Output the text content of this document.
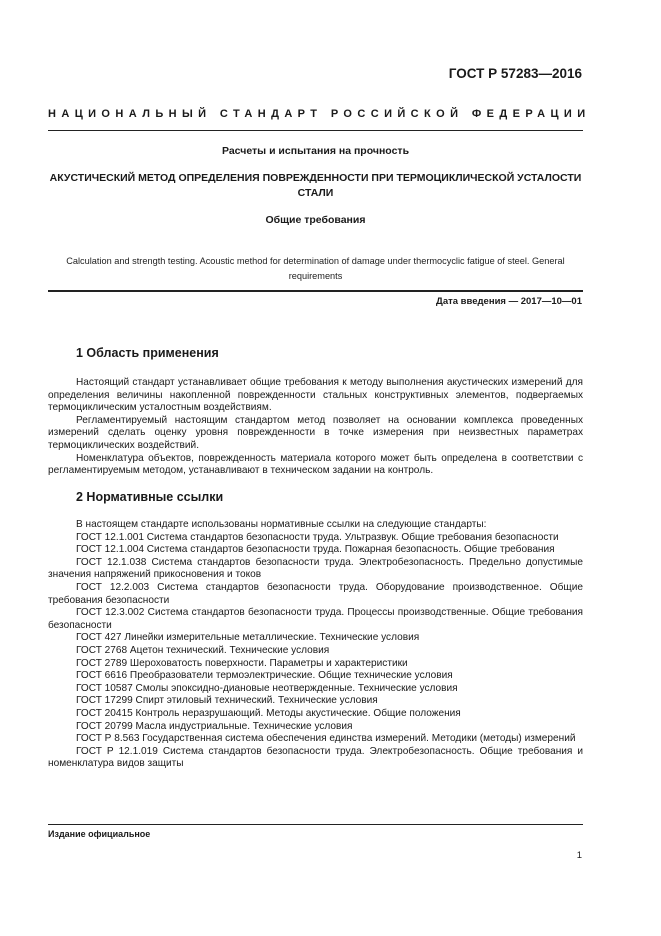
ГОСТ Р 57283—2016
НАЦИОНАЛЬНЫЙ СТАНДАРТ РОССИЙСКОЙ ФЕДЕРАЦИИ
Расчеты и испытания на прочность
АКУСТИЧЕСКИЙ МЕТОД ОПРЕДЕЛЕНИЯ ПОВРЕЖДЕННОСТИ ПРИ ТЕРМОЦИКЛИЧЕСКОЙ УСТАЛОСТИ СТАЛИ
Общие требования
Calculation and strength testing. Acoustic method for determination of damage under thermocyclic fatigue of steel. General requirements
Дата введения — 2017—10—01
1 Область применения

Настоящий стандарт устанавливает общие требования к методу выполнения акустических измерений для определения величины накопленной поврежденности стальных конструктивных элементов, подвергаемых термоциклическим усталостным воздействиям.

Регламентируемый настоящим стандартом метод позволяет на основании комплекса проведенных измерений сделать оценку уровня поврежденности в точке измерения при неизвестных параметрах термоциклических воздействий.

Номенклатура объектов, поврежденность материала которого может быть определена в соответствии с регламентируемым методом, устанавливают в техническом задании на контроль.

2 Нормативные ссылки

В настоящем стандарте использованы нормативные ссылки на следующие стандарты:

ГОСТ 12.1.001 Система стандартов безопасности труда. Ультразвук. Общие требования безопасности

ГОСТ 12.1.004 Система стандартов безопасности труда. Пожарная безопасность. Общие требования

ГОСТ 12.1.038 Система стандартов безопасности труда. Электробезопасность. Предельно допустимые значения напряжений прикосновения и токов

ГОСТ 12.2.003 Система стандартов безопасности труда. Оборудование производственное. Общие требования безопасности

ГОСТ 12.3.002 Система стандартов безопасности труда. Процессы производственные. Общие требования безопасности

ГОСТ 427 Линейки измерительные металлические. Технические условия

ГОСТ 2768 Ацетон технический. Технические условия

ГОСТ 2789 Шероховатость поверхности. Параметры и характеристики

ГОСТ 6616 Преобразователи термоэлектрические. Общие технические условия

ГОСТ 10587 Смолы эпоксидно-диановые неотвержденные. Технические условия

ГОСТ 17299 Спирт этиловый технический. Технические условия

ГОСТ 20415 Контроль неразрушающий. Методы акустические. Общие положения

ГОСТ 20799 Масла индустриальные. Технические условия

ГОСТ Р 8.563 Государственная система обеспечения единства измерений. Методики (методы) измерений

ГОСТ Р 12.1.019 Система стандартов безопасности труда. Электробезопасность. Общие требования и номенклатура видов защиты

Издание официальное
1
